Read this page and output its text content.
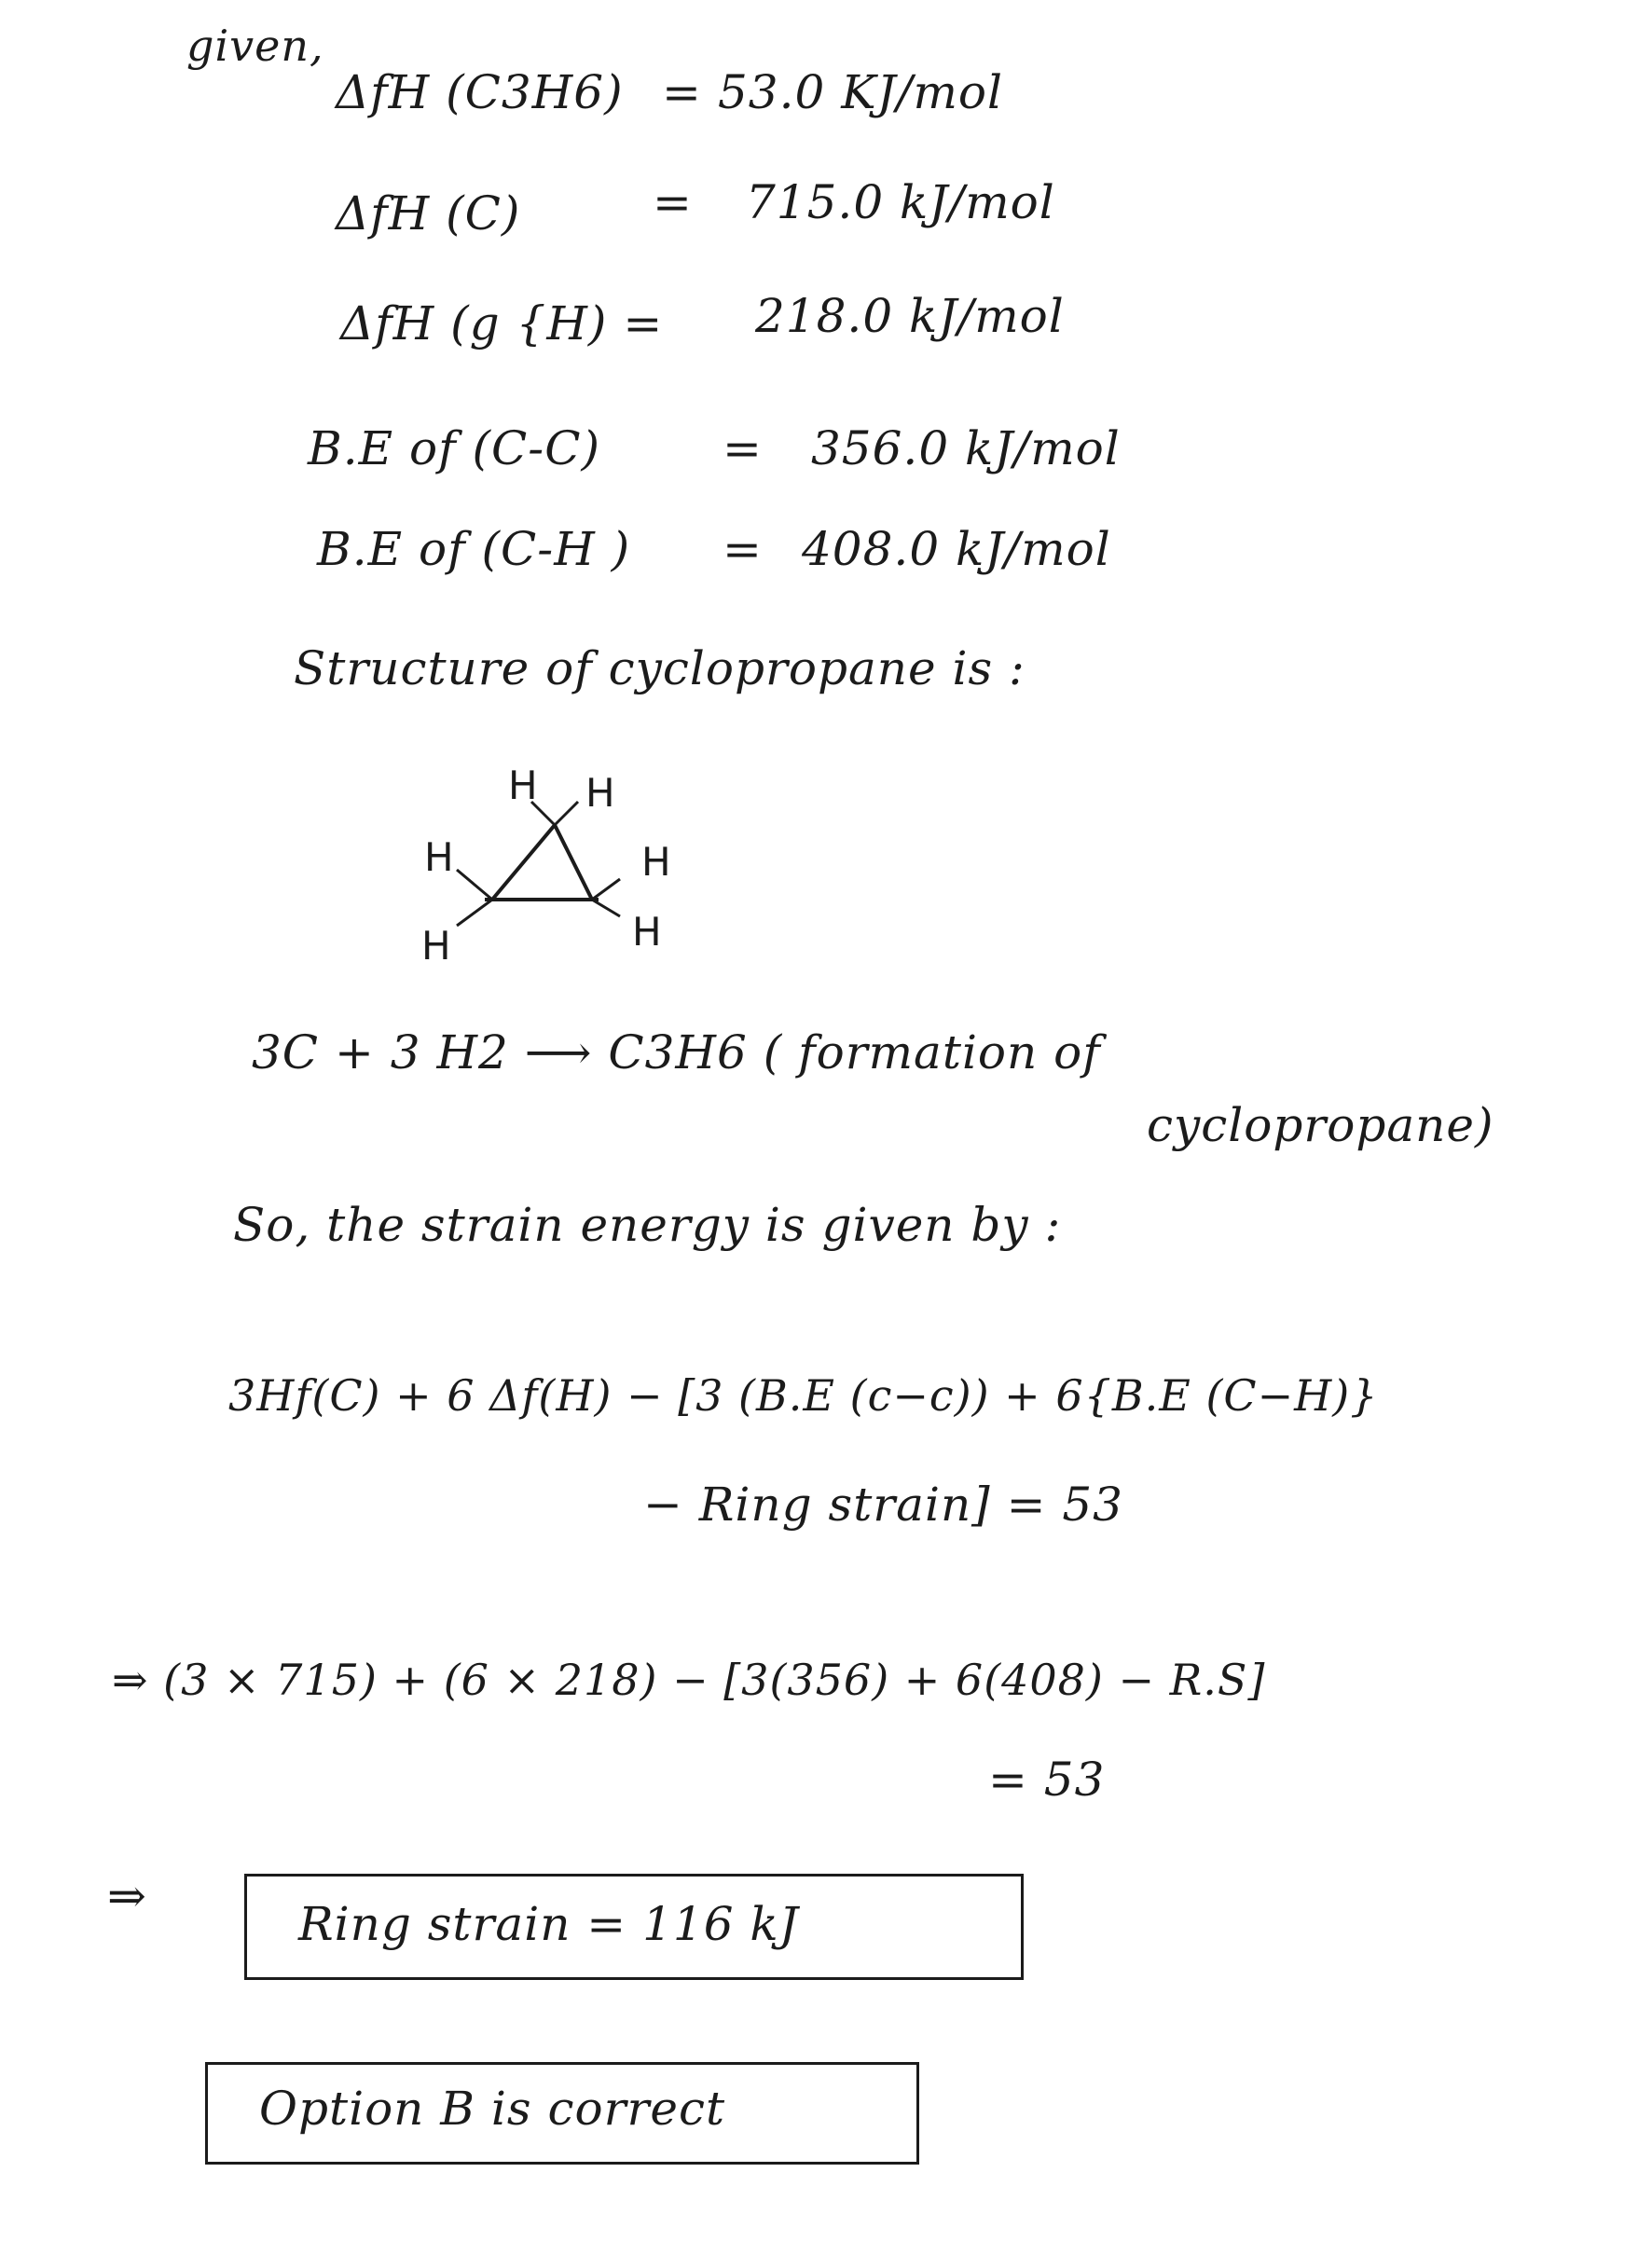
given,
ΔfH (C3H6) = 53.0 KJ/mol
ΔfH (C)	= 715.0 kJ/mol
ΔfH (g {H) = 218.0 kJ/mol
B.E of (C-C)	= 356.0 kJ/mol
B.E of (C-H ) = 408.0 kJ/mol
Structure of cyclopropane is :
H H
H	H
H	H
3C + 3 H2 ⟶ C3H6 ( formation of
cyclopropane)
So, the strain energy is given by :
3Hf(C) + 6 Δf(H) − [3 (B.E (c−c)) + 6{B.E (C−H)}
− Ring strain] = 53
⇒ (3 × 715) + (6 × 218) − [3(356) + 6(408) − R.S]
= 53
⇒
Ring strain = 116 kJ
Option B is correct
